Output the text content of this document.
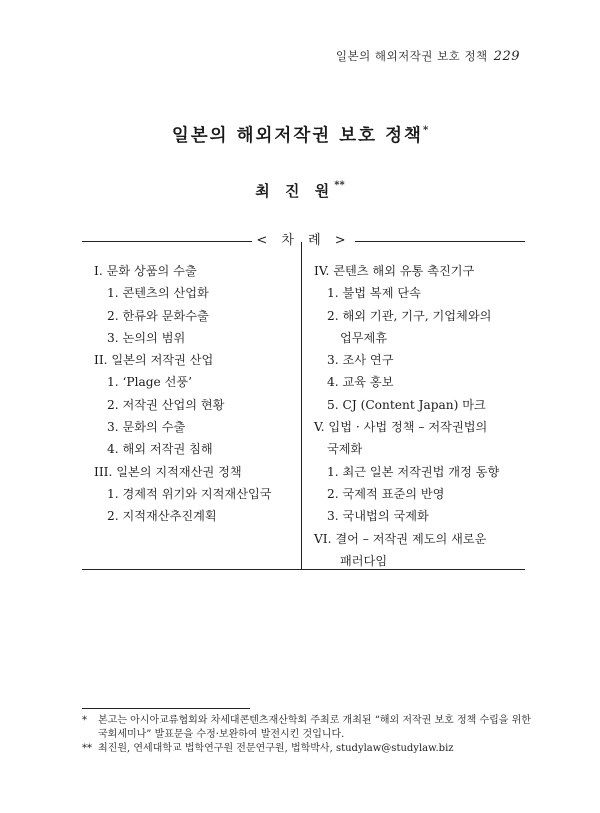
일본의 해외저작권 보호 정책 229
일본의 해외저작권 보호 정책*
최 진 원**
< 차 례 >
I. 문화 상품의 수출
1. 콘텐츠의 산업화
2. 한류와 문화수출
3. 논의의 범위
II. 일본의 저작권 산업
1. ‘Plage 선풍’
2. 저작권 산업의 현황
3. 문화의 수출
4. 해외 저작권 침해
III. 일본의 지적재산권 정책
1. 경제적 위기와 지적재산입국
2. 지적재산추진계획
IV. 콘텐츠 해외 유통 촉진기구
1. 불법 복제 단속
2. 해외 기관, 기구, 기업체와의
업무제휴
3. 조사 연구
4. 교육 홍보
5. CJ (Content Japan) 마크
V. 입법 · 사법 정책 – 저작권법의
국제화
1. 최근 일본 저작권법 개정 동향
2. 국제적 표준의 반영
3. 국내법의 국제화
VI. 결어 – 저작권 제도의 새로운
패러다임
* 본고는 아시아교류협회와 차세대콘텐츠재산학회 주최로 개최된 “해외 저작권 보호 정책 수립을 위한 국회세미나” 발표문을 수정·보완하여 발전시킨 것입니다.
** 최진원, 연세대학교 법학연구원 전문연구원, 법학박사, studylaw@studylaw.biz
